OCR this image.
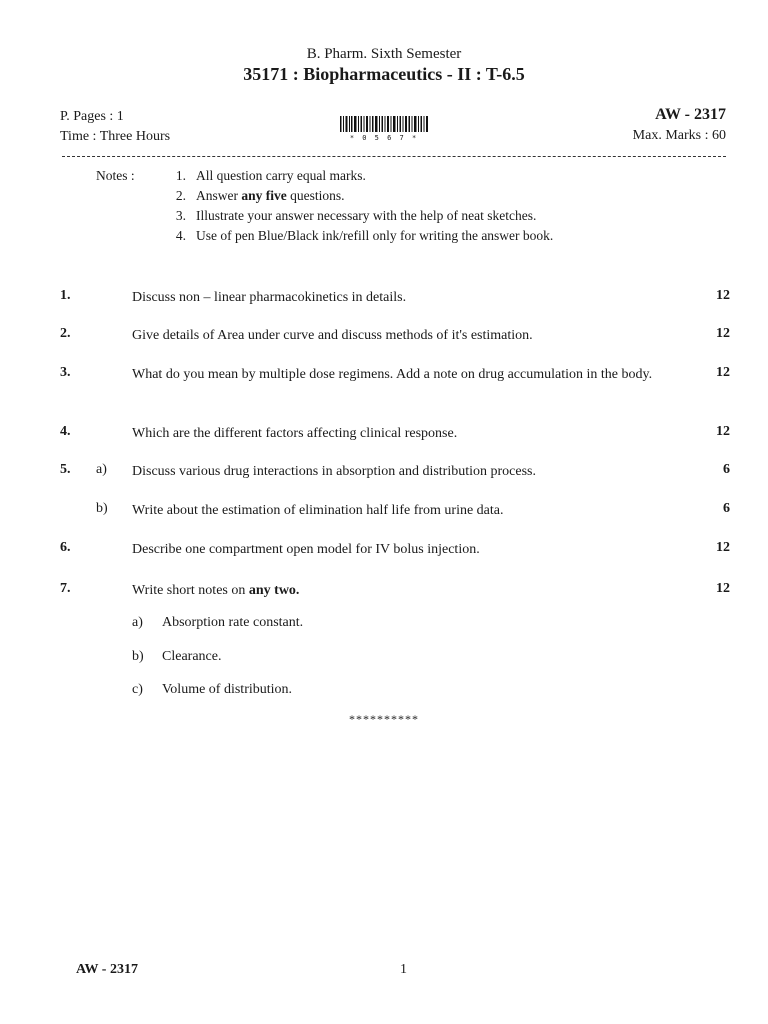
B. Pharm. Sixth Semester
35171 : Biopharmaceutics - II : T-6.5
P. Pages : 1
Time : Three Hours	* 0 5 6 7 *
AW - 2317
Max. Marks : 60
Notes :	1. All question carry equal marks.
2. Answer any five questions.
3. Illustrate your answer necessary with the help of neat sketches.
4. Use of pen Blue/Black ink/refill only for writing the answer book.
1.	Discuss non – linear pharmacokinetics in details.	12
2.	Give details of Area under curve and discuss methods of it's estimation.	12
3.	What do you mean by multiple dose regimens. Add a note on drug accumulation in the body.	12
4.	Which are the different factors affecting clinical response.	12
5. a) Discuss various drug interactions in absorption and distribution process.	6
b) Write about the estimation of elimination half life from urine data.	6
6.	Describe one compartment open model for IV bolus injection.	12
7.	Write short notes on any two.	12
a) Absorption rate constant.
b) Clearance.
c) Volume of distribution.
**********
AW - 2317	1
